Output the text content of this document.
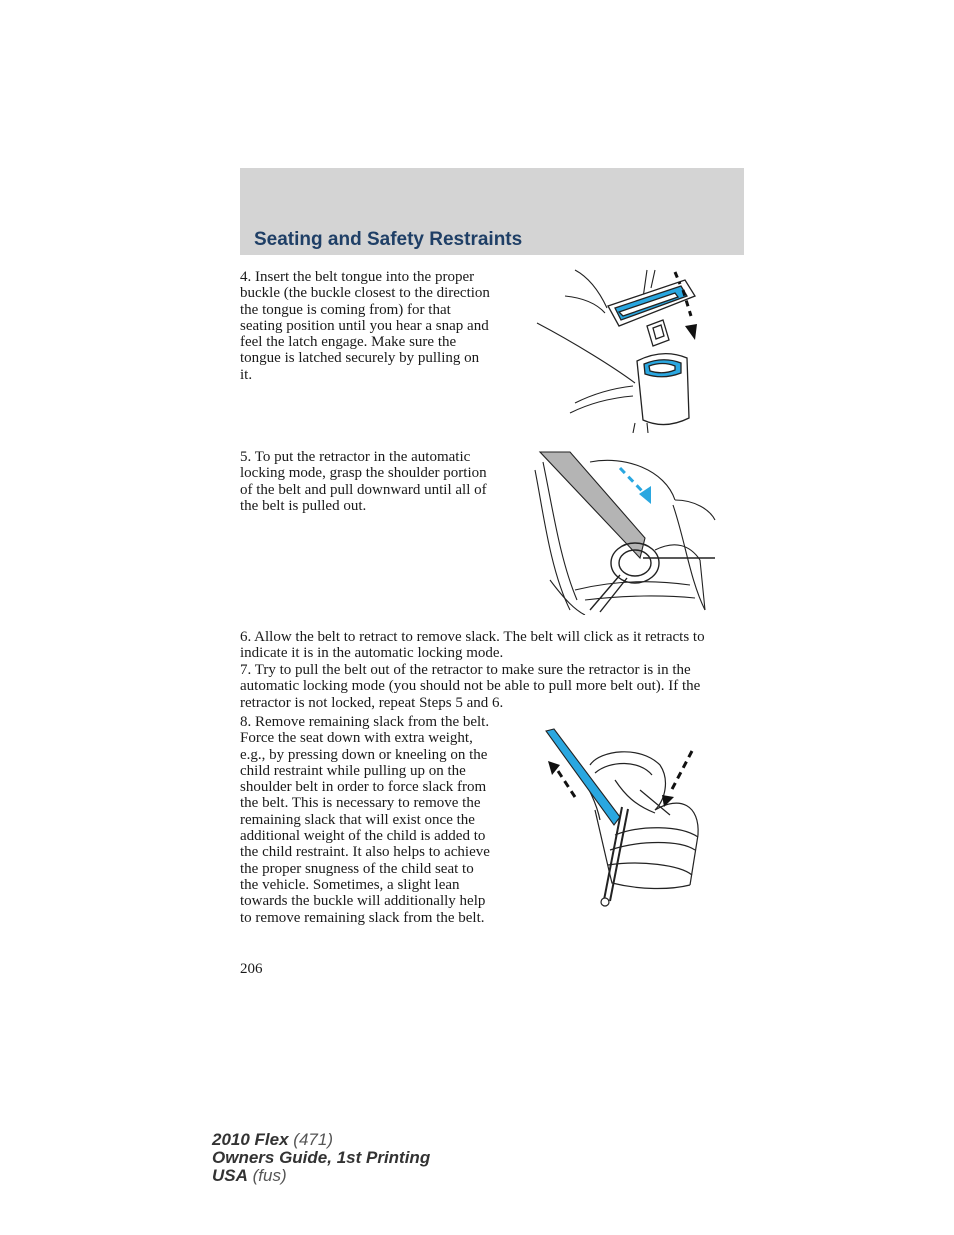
Seating and Safety Restraints

4. Insert the belt tongue into the proper buckle (the buckle closest to the direction the tongue is coming from) for that seating position until you hear a snap and feel the latch engage. Make sure the tongue is latched securely by pulling on it.

5. To put the retractor in the automatic locking mode, grasp the shoulder portion of the belt and pull downward until all of the belt is pulled out.

6. Allow the belt to retract to remove slack. The belt will click as it retracts to indicate it is in the automatic locking mode.

7. Try to pull the belt out of the retractor to make sure the retractor is in the automatic locking mode (you should not be able to pull more belt out). If the retractor is not locked, repeat Steps 5 and 6.

8. Remove remaining slack from the belt. Force the seat down with extra weight, e.g., by pressing down or kneeling on the child restraint while pulling up on the shoulder belt in order to force slack from the belt. This is necessary to remove the remaining slack that will exist once the additional weight of the child is added to the child restraint. It also helps to achieve the proper snugness of the child seat to the vehicle. Sometimes, a slight lean towards the buckle will additionally help to remove remaining slack from the belt.

206
2010 Flex (471)
Owners Guide, 1st Printing
USA (fus)
